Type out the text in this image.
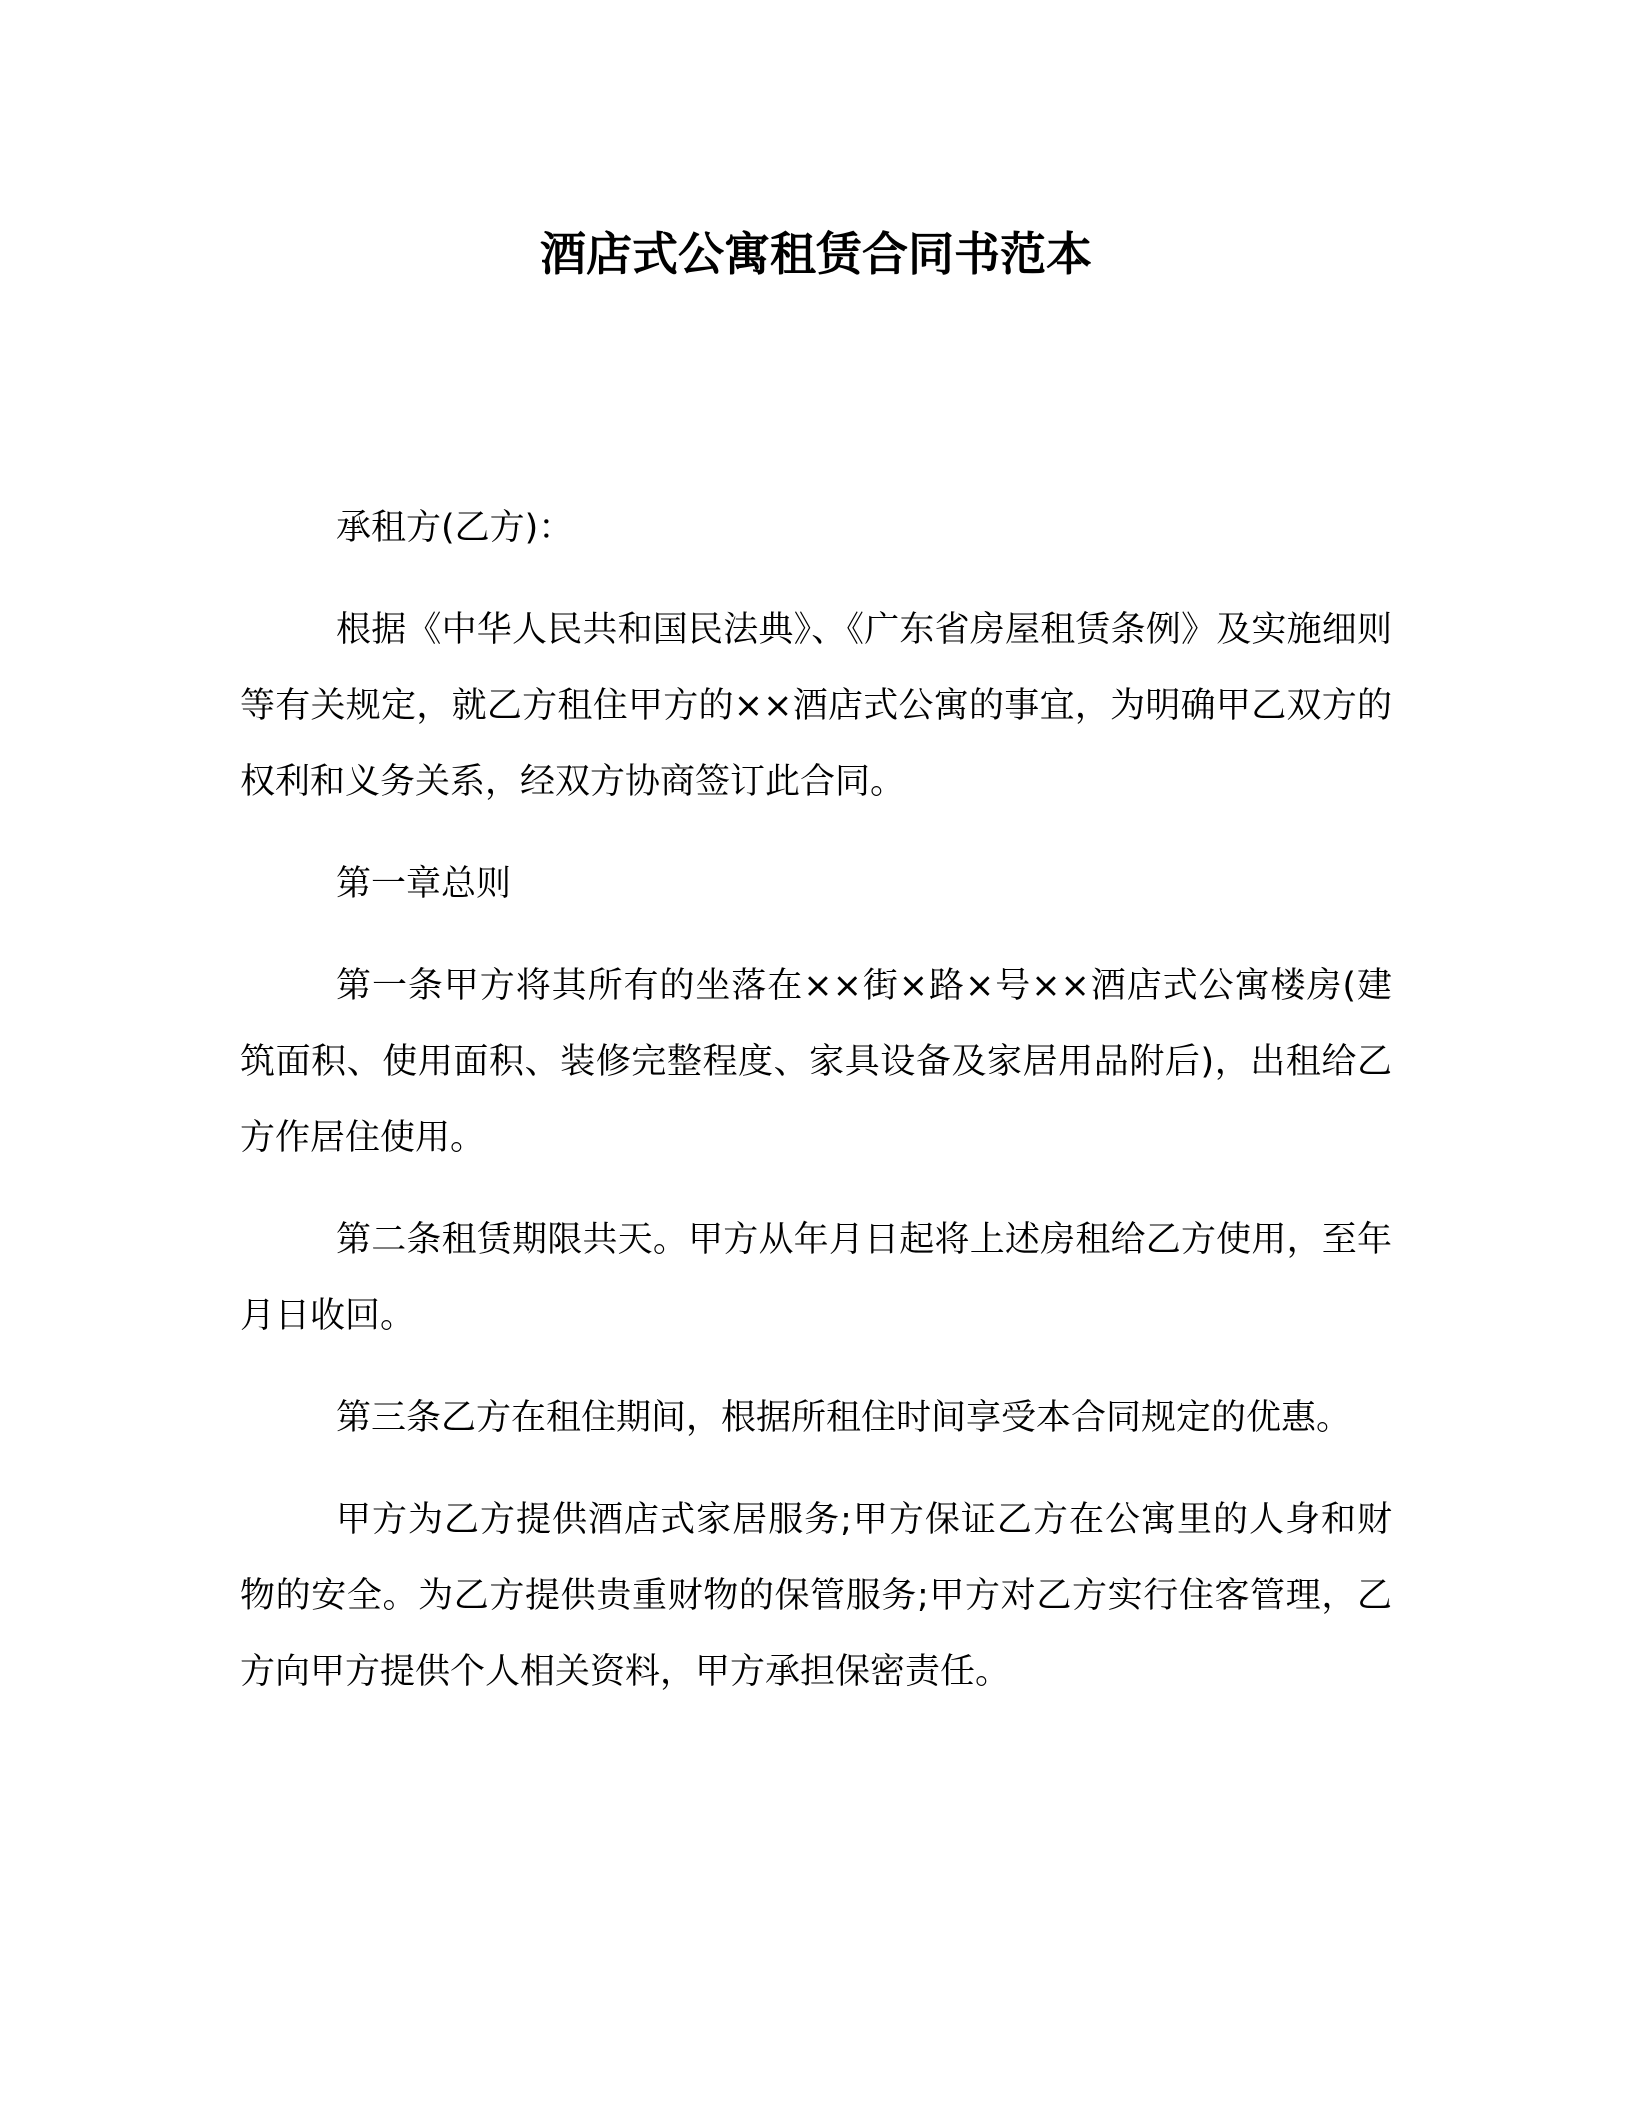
酒店式公寓租赁合同书范本

承租方(乙方)：

根据《中华人民共和国民法典》、《广东省房屋租赁条例》及实施细则等有关规定，就乙方租住甲方的××酒店式公寓的事宜，为明确甲乙双方的权利和义务关系，经双方协商签订此合同。

第一章总则

第一条甲方将其所有的坐落在××街×路×号××酒店式公寓楼房(建筑面积、使用面积、装修完整程度、家具设备及家居用品附后)，出租给乙方作居住使用。

第二条租赁期限共天。甲方从年月日起将上述房租给乙方使用，至年月日收回。

第三条乙方在租住期间，根据所租住时间享受本合同规定的优惠。

甲方为乙方提供酒店式家居服务;甲方保证乙方在公寓里的人身和财物的安全。为乙方提供贵重财物的保管服务;甲方对乙方实行住客管理，乙方向甲方提供个人相关资料，甲方承担保密责任。
